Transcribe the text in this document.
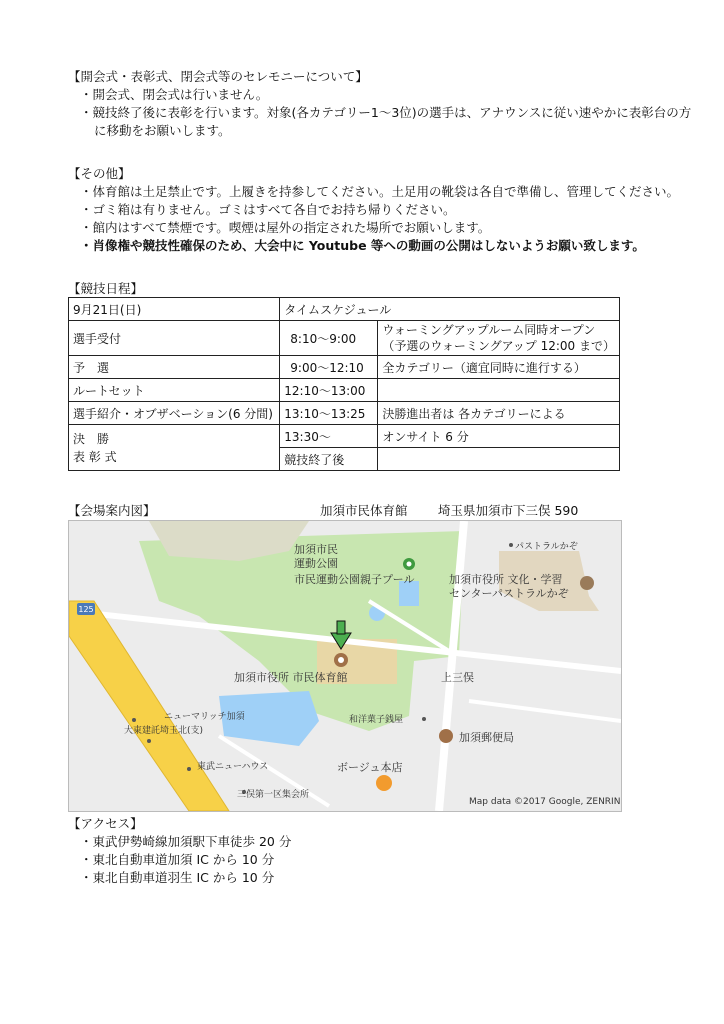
【開会式・表彰式、閉会式等のセレモニーについて】
・開会式、閉会式は行いません。
・競技終了後に表彰を行います。対象(各カテゴリー1～3位)の選手は、アナウンスに従い速やかに表彰台の方
に移動をお願いします。
【その他】
・体育館は土足禁止です。上履きを持参してください。土足用の靴袋は各自で準備し、管理してください。
・ゴミ箱は有りません。ゴミはすべて各自でお持ち帰りください。
・館内はすべて禁煙です。喫煙は屋外の指定された場所でお願いします。
・肖像権や競技性確保のため、大会中に Youtube 等への動画の公開はしないようお願い致します。
【競技日程】
9月21日(日)	タイムスケジュール	
選手受付	8:10～9:00	ウォーミングアップルーム同時オープン
（予選のウォーミングアップ 12:00 まで）

予　選	9:00～12:10	全カテゴリー（適宜同時に進行する）
ルートセット	12:10～13:00	
選手紹介・オブザベーション(6 分間)	13:10～13:25	決勝進出者は 各カテゴリーによる

決　勝
表 彰 式	13:30～	オンサイト 6 分
	競技終了後	
【会場案内図】	加須市民体育館 埼玉県加須市下三俣 590
125
加須市民
運動公園
市民運動公園親子プール
パストラルかぞ
加須市役所 文化・学習
センターパストラルかぞ
加須市役所 市民体育館	上三俣
ニューマリッチ加須
大東建託埼玉北(支)
和洋菓子銭屋
加須郵便局
東武ニューハウス	ボージュ本店
三俣第一区集会所
Map data ©2017 Google, ZENRIN
【アクセス】
・東武伊勢崎線加須駅下車徒歩 20 分
・東北自動車道加須 IC から 10 分
・東北自動車道羽生 IC から 10 分
